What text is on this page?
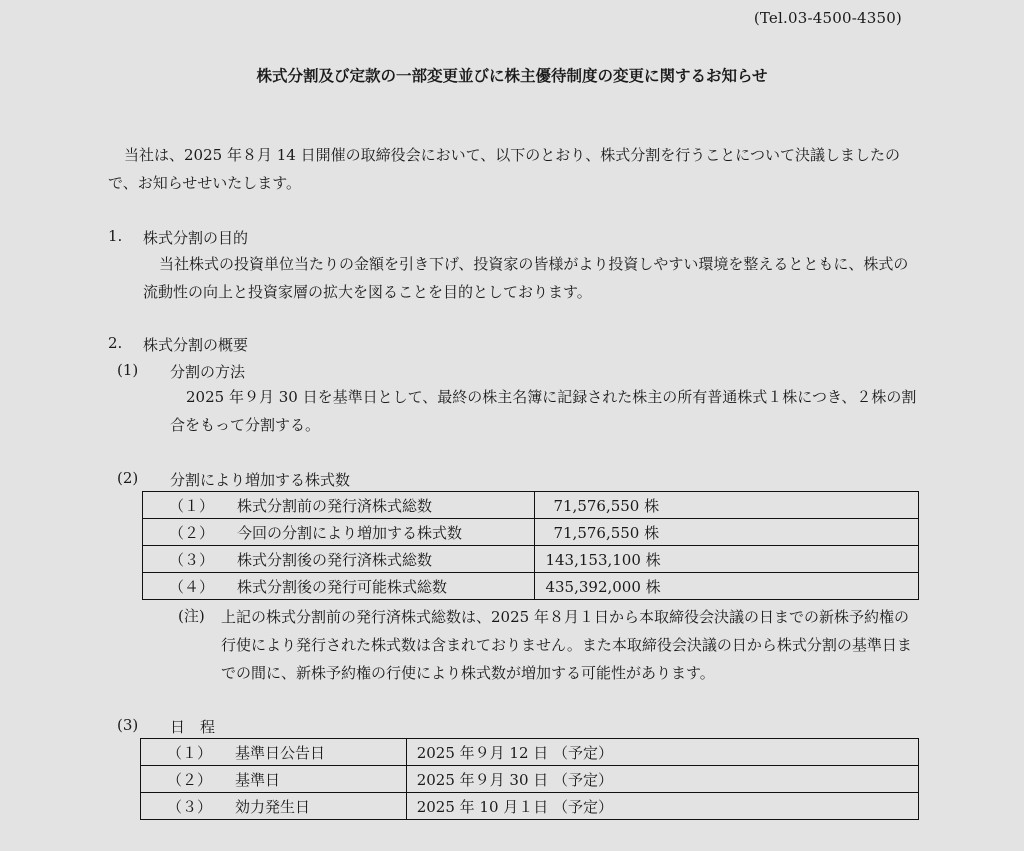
(Tel.03-4500-4350)
株式分割及び定款の一部変更並びに株主優待制度の変更に関するお知らせ
当社は、2025 年８月 14 日開催の取締役会において、以下のとおり、株式分割を行うことについて決議しましたので、お知らせせいたします。
1. 株式分割の目的
当社株式の投資単位当たりの金額を引き下げ、投資家の皆様がより投資しやすい環境を整えるとともに、株式の流動性の向上と投資家層の拡大を図ることを目的としております。
2. 株式分割の概要
(1) 分割の方法
2025 年９月 30 日を基準日として、最終の株主名簿に記録された株主の所有普通株式１株につき、２株の割合をもって分割する。
(2) 分割により増加する株式数
（１） 株式分割前の発行済株式総数	71,576,550 株
（２） 今回の分割により増加する株式数	71,576,550 株
（３） 株式分割後の発行済株式総数	143,153,100 株
（４） 株式分割後の発行可能株式総数	435,392,000 株
(注) 上記の株式分割前の発行済株式総数は、2025 年８月１日から本取締役会決議の日までの新株予約権の行使により発行された株式数は含まれておりません。また本取締役会決議の日から株式分割の基準日までの間に、新株予約権の行使により株式数が増加する可能性があります。
(3) 日　程
（１） 基準日公告日	2025 年９月 12 日 （予定）
（２） 基準日	2025 年９月 30 日 （予定）
（３） 効力発生日	2025 年 10 月１日 （予定）
